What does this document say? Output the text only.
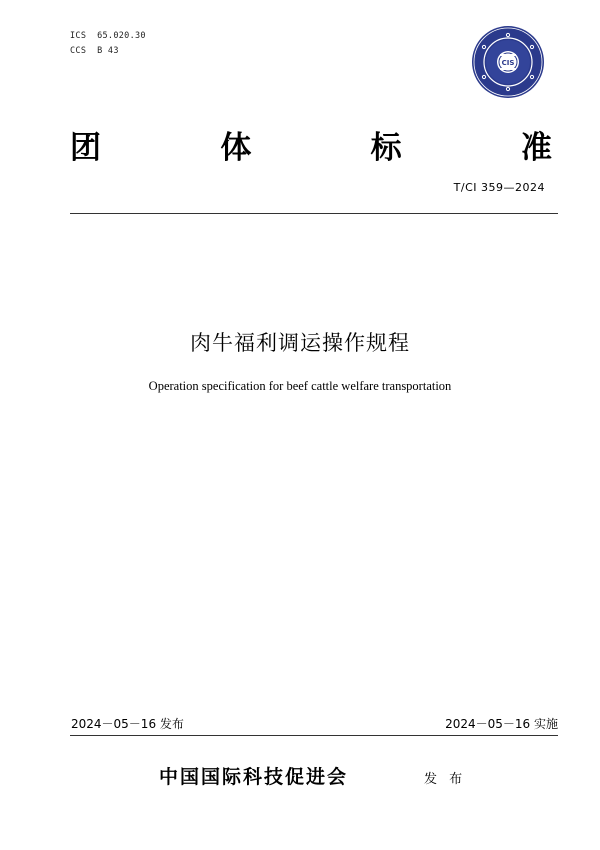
ICS  65.020.30
CCS  B 43
CIS
团	体	标	准
T/CI 359—2024
肉牛福利调运操作规程
Operation specification for beef cattle welfare transportation
2024－05－16 发布	2024－05－16 实施
中国国际科技促进会	发 布
